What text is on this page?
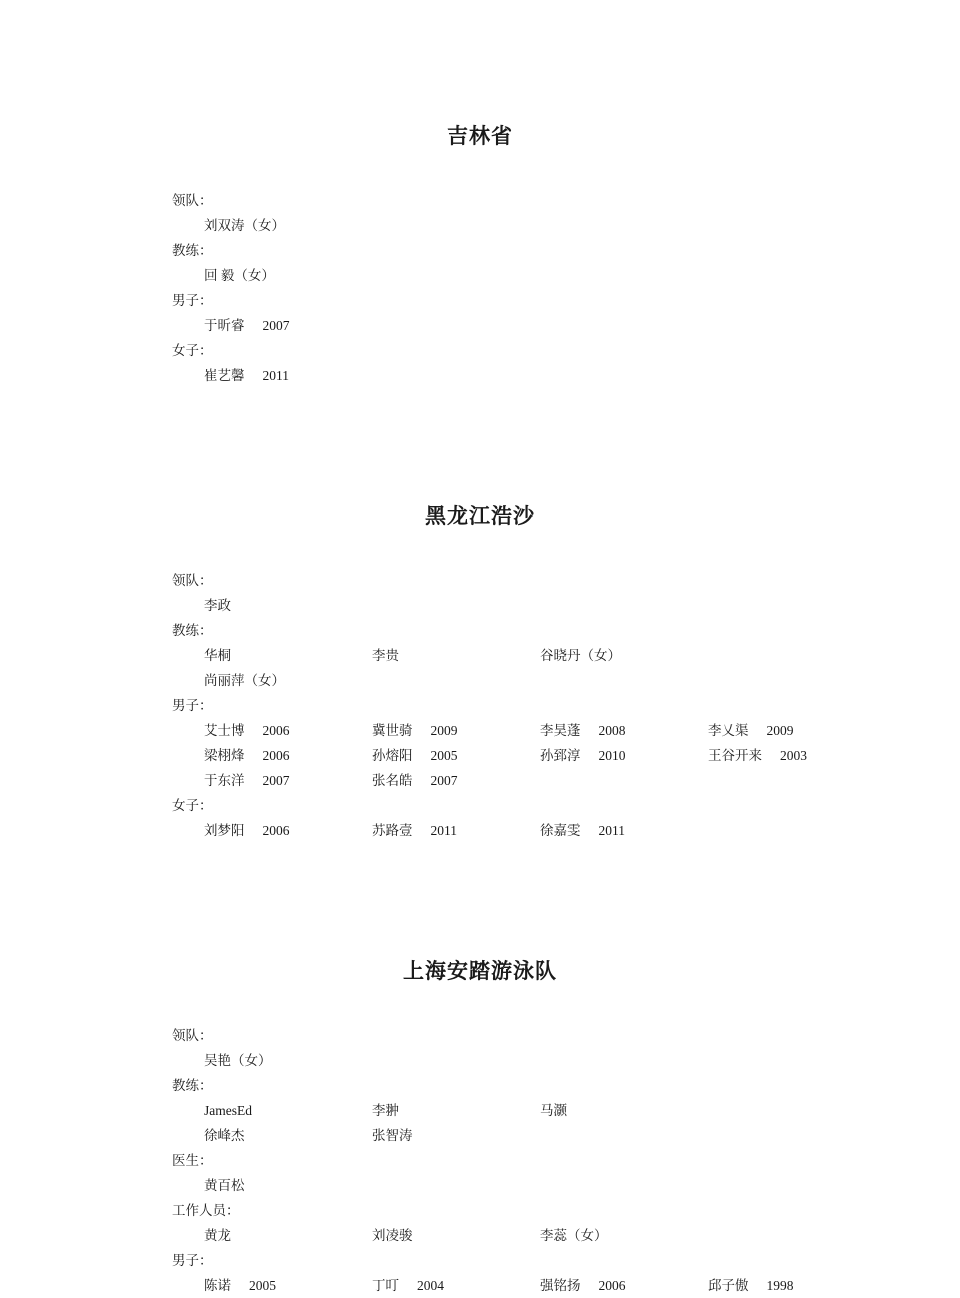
吉林省
领队：
刘双涛（女）
教练：
回 毅（女）
男子：
于昕睿 2007
女子：
崔艺馨 2011
黑龙江浩沙
领队：
李政
教练：
华桐	李贵	谷晓丹（女）
尚丽萍（女）
男子：
艾士博 2006	冀世骑 2009	李昊蓬 2008	李乂渠 2009
梁栩烽 2006	孙熔阳 2005	孙郅淳 2010	王谷开来 2003
于东洋 2007	张名皓 2007
女子：
刘梦阳 2006	苏路壹 2011	徐嘉雯 2011
上海安踏游泳队
领队：
吴艳（女）
教练：
JamesEd	李翀	马灏
徐峰杰	张智涛
医生：
黄百松
工作人员：
黄龙	刘凌骏	李蕊（女）
男子：
陈诺 2005	丁叮 2004	强铭扬 2006	邱子傲 1998
